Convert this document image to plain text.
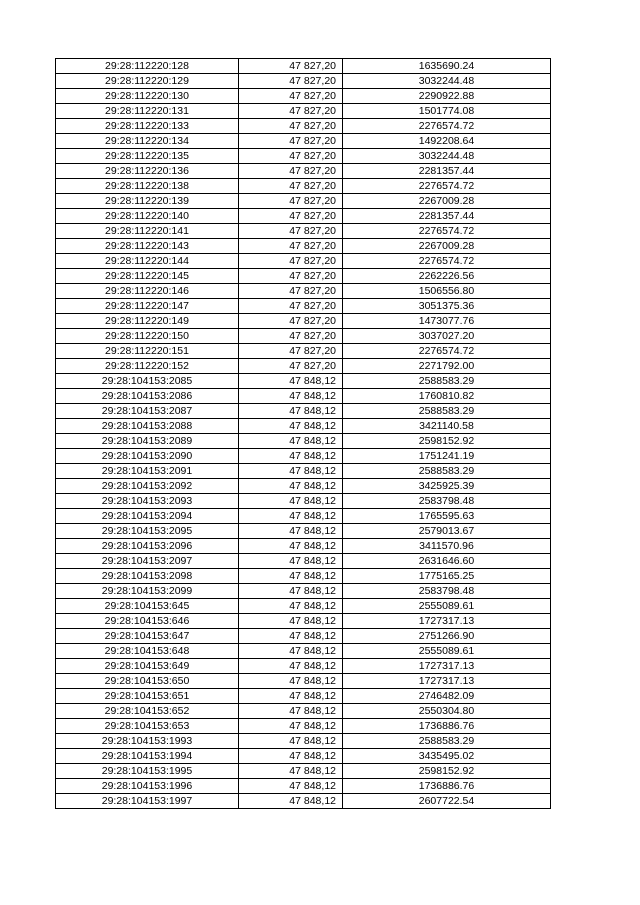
29:28:112220:128	47 827,20	1635690.24
29:28:112220:129	47 827,20	3032244.48
29:28:112220:130	47 827,20	2290922.88
29:28:112220:131	47 827,20	1501774.08
29:28:112220:133	47 827,20	2276574.72
29:28:112220:134	47 827,20	1492208.64
29:28:112220:135	47 827,20	3032244.48
29:28:112220:136	47 827,20	2281357.44
29:28:112220:138	47 827,20	2276574.72
29:28:112220:139	47 827,20	2267009.28
29:28:112220:140	47 827,20	2281357.44
29:28:112220:141	47 827,20	2276574.72
29:28:112220:143	47 827,20	2267009.28
29:28:112220:144	47 827,20	2276574.72
29:28:112220:145	47 827,20	2262226.56
29:28:112220:146	47 827,20	1506556.80
29:28:112220:147	47 827,20	3051375.36
29:28:112220:149	47 827,20	1473077.76
29:28:112220:150	47 827,20	3037027.20
29:28:112220:151	47 827,20	2276574.72
29:28:112220:152	47 827,20	2271792.00
29:28:104153:2085	47 848,12	2588583.29
29:28:104153:2086	47 848,12	1760810.82
29:28:104153:2087	47 848,12	2588583.29
29:28:104153:2088	47 848,12	3421140.58
29:28:104153:2089	47 848,12	2598152.92
29:28:104153:2090	47 848,12	1751241.19
29:28:104153:2091	47 848,12	2588583.29
29:28:104153:2092	47 848,12	3425925.39
29:28:104153:2093	47 848,12	2583798.48
29:28:104153:2094	47 848,12	1765595.63
29:28:104153:2095	47 848,12	2579013.67
29:28:104153:2096	47 848,12	3411570.96
29:28:104153:2097	47 848,12	2631646.60
29:28:104153:2098	47 848,12	1775165.25
29:28:104153:2099	47 848,12	2583798.48
29:28:104153:645	47 848,12	2555089.61
29:28:104153:646	47 848,12	1727317.13
29:28:104153:647	47 848,12	2751266.90
29:28:104153:648	47 848,12	2555089.61
29:28:104153:649	47 848,12	1727317.13
29:28:104153:650	47 848,12	1727317.13
29:28:104153:651	47 848,12	2746482.09
29:28:104153:652	47 848,12	2550304.80
29:28:104153:653	47 848,12	1736886.76
29:28:104153:1993	47 848,12	2588583.29
29:28:104153:1994	47 848,12	3435495.02
29:28:104153:1995	47 848,12	2598152.92
29:28:104153:1996	47 848,12	1736886.76
29:28:104153:1997	47 848,12	2607722.54
